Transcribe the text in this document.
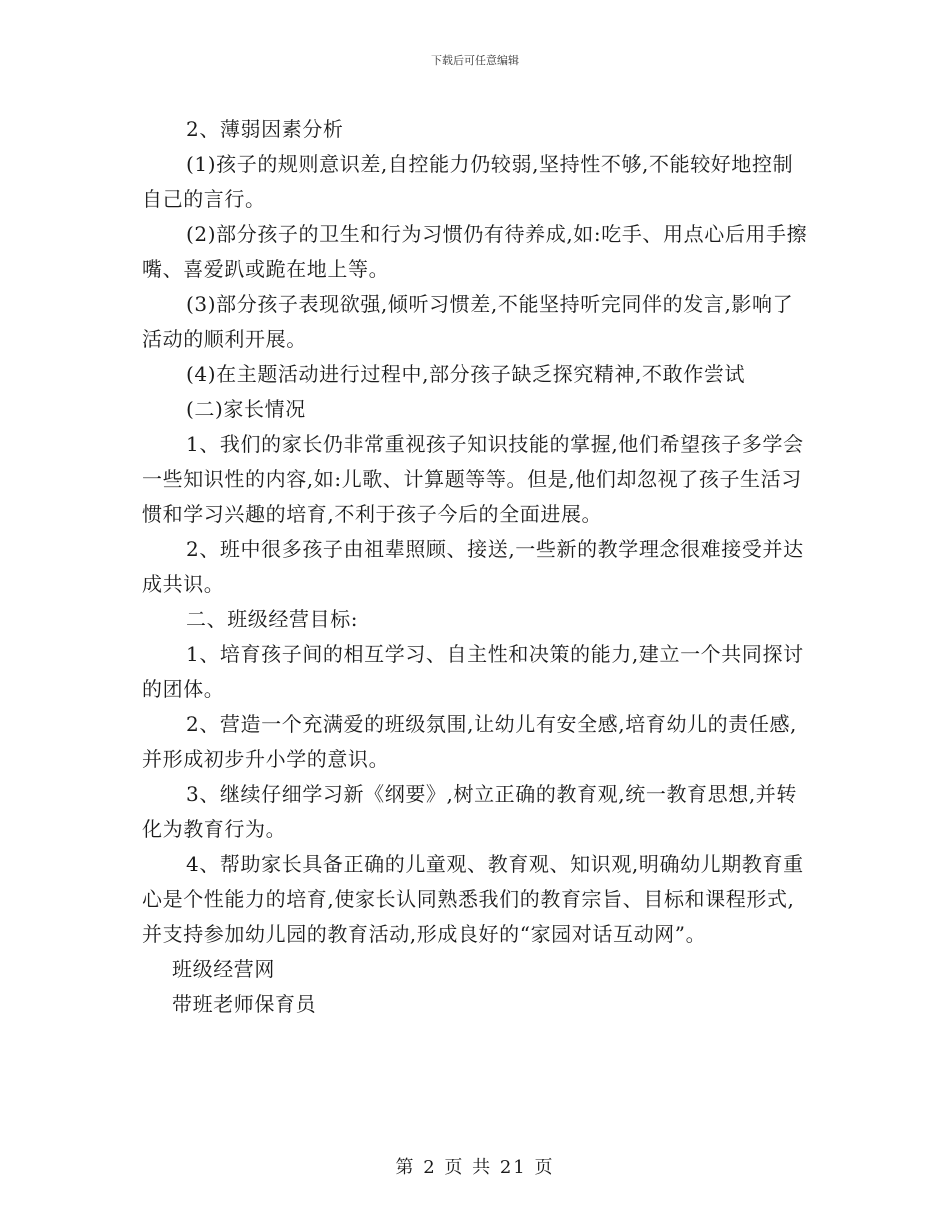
下载后可任意编辑

2、薄弱因素分析

(1)孩子的规则意识差,自控能力仍较弱,坚持性不够,不能较好地控制自己的言行。

(2)部分孩子的卫生和行为习惯仍有待养成,如:吃手、用点心后用手擦嘴、喜爱趴或跪在地上等。

(3)部分孩子表现欲强,倾听习惯差,不能坚持听完同伴的发言,影响了活动的顺利开展。

(4)在主题活动进行过程中,部分孩子缺乏探究精神,不敢作尝试

(二)家长情况

1、我们的家长仍非常重视孩子知识技能的掌握,他们希望孩子多学会一些知识性的内容,如:儿歌、计算题等等。但是,他们却忽视了孩子生活习惯和学习兴趣的培育,不利于孩子今后的全面进展。

2、班中很多孩子由祖辈照顾、接送,一些新的教学理念很难接受并达成共识。

二、班级经营目标:

1、培育孩子间的相互学习、自主性和决策的能力,建立一个共同探讨的团体。

2、营造一个充满爱的班级氛围,让幼儿有安全感,培育幼儿的责任感,并形成初步升小学的意识。

3、继续仔细学习新《纲要》,树立正确的教育观,统一教育思想,并转化为教育行为。

4、帮助家长具备正确的儿童观、教育观、知识观,明确幼儿期教育重心是个性能力的培育,使家长认同熟悉我们的教育宗旨、目标和课程形式,并支持参加幼儿园的教育活动,形成良好的“家园对话互动网”。

班级经营网

带班老师保育员

第 2 页 共 21 页
